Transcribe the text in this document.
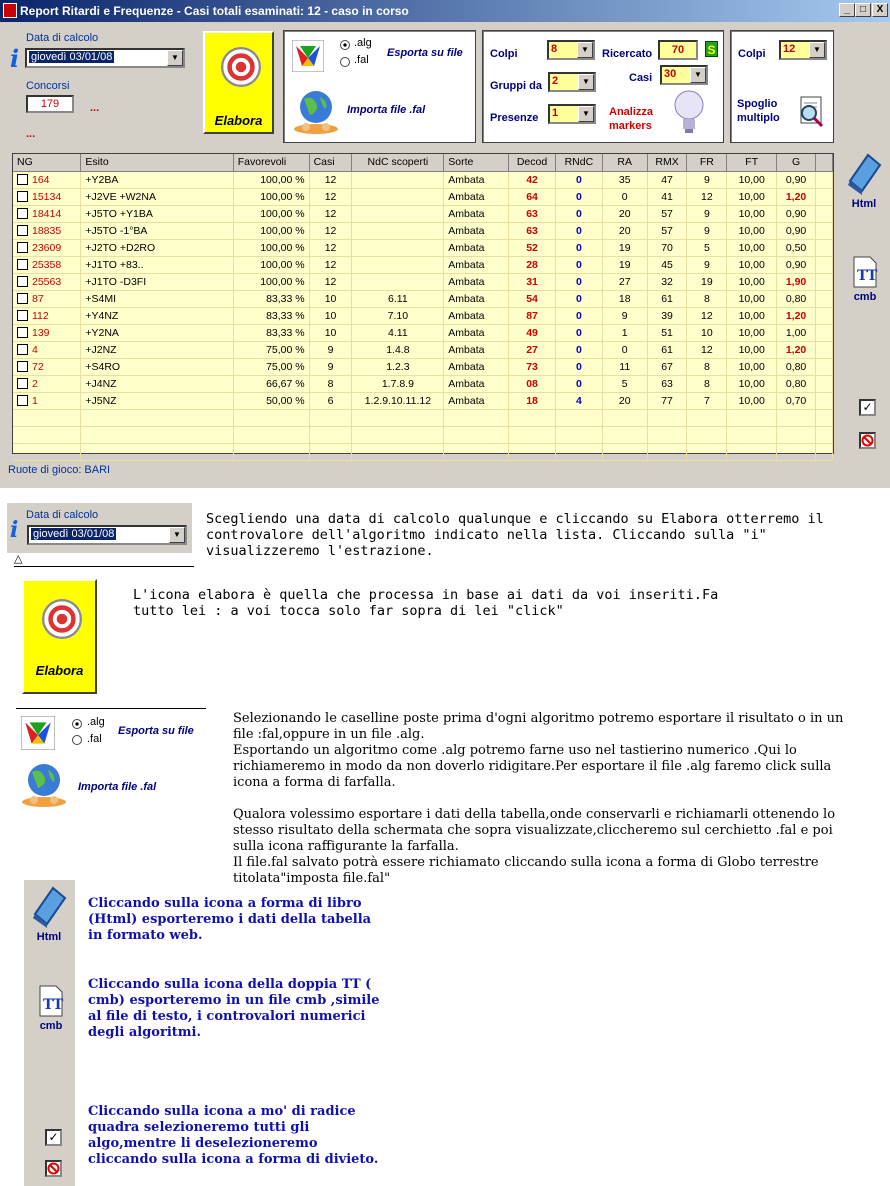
Report Ritardi e Frequenze - Casi totali esaminati: 12 - caso in corso	_	□	X
i
Data di calcolo
giovedì 03/01/08	▼
Concorsi
179	...
...
Elabora
.alg
.fal
Esporta su file
Importa file .fal
Colpi	8	▼
Gruppi da 2	▼
Presenze 1	▼
Ricercato	70	S
Casi 30	▼
Analizza markers
Colpi 12	▼
Spoglio multiplo
NG	Esito	Favorevoli	Casi	NdC scoperti	Sorte	Decod	RNdC	RA	RMX	FR	FT	G	
164	+Y2BA	100,00 %	12		Ambata	42	0	35	47	9	10,00	0,90	
15134	+J2VE +W2NA	100,00 %	12		Ambata	64	0	0	41	12	10,00	1,20	
18414	+J5TO +Y1BA	100,00 %	12		Ambata	63	0	20	57	9	10,00	0,90	
18835	+J5TO -1°BA	100,00 %	12		Ambata	63	0	20	57	9	10,00	0,90	
23609	+J2TO +D2RO	100,00 %	12		Ambata	52	0	19	70	5	10,00	0,50	
25358	+J1TO +83..	100,00 %	12		Ambata	28	0	19	45	9	10,00	0,90	
25563	+J1TO -D3FI	100,00 %	12		Ambata	31	0	27	32	19	10,00	1,90	
87	+S4MI	83,33 %	10	6.11	Ambata	54	0	18	61	8	10,00	0,80	
112	+Y4NZ	83,33 %	10	7.10	Ambata	87	0	9	39	12	10,00	1,20	
139	+Y2NA	83,33 %	10	4.11	Ambata	49	0	1	51	10	10,00	1,00	
4	+J2NZ	75,00 %	9	1.4.8	Ambata	27	0	0	61	12	10,00	1,20	
72	+S4RO	75,00 %	9	1.2.3	Ambata	73	0	11	67	8	10,00	0,80	
2	+J4NZ	66,67 %	8	1.7.8.9	Ambata	08	0	5	63	8	10,00	0,80	
1	+J5NZ	50,00 %	6	1.2.9.10.11.12	Ambata	18	4	20	77	7	10,00	0,70	

Html
TT
cmb
✓
Ruote di gioco: BARI
i
Data di calcolo
giovedì 03/01/08	▼
△
Scegliendo una data di calcolo qualunque e cliccando su Elabora otterremo il controvalore dell'algoritmo indicato nella lista. Cliccando sulla "i" visualizzeremo l'estrazione.
Elabora
L'icona elabora è quella che processa in base ai dati da voi inseriti.Fa tutto lei : a voi tocca solo far sopra di lei "click"
.alg
.fal
Esporta su file
Importa file .fal
Selezionando le caselline poste prima d'ogni algoritmo potremo esportare il risultato o in un file :fal,oppure in un file .alg.
Esportando un algoritmo come .alg potremo farne uso nel tastierino numerico .Qui lo richiameremo in modo da non doverlo ridigitare.Per esportare il file .alg faremo click sulla icona a forma di farfalla.
Qualora volessimo esportare i dati della tabella,onde conservarli e richiamarli ottenendo lo stesso risultato della schermata che sopra visualizzate,cliccheremo sul cerchietto .fal e poi sulla icona raffigurante la farfalla.
Il file.fal salvato potrà essere richiamato cliccando sulla icona a forma di Globo terrestre titolata"imposta file.fal"
Html
Cliccando sulla icona a forma di libro (Html) esporteremo i dati della tabella in formato web.
TT
cmb
Cliccando sulla icona della doppia TT ( cmb) esporteremo in un file cmb ,simile al file di testo, i controvalori numerici degli algoritmi.
✓
Cliccando sulla icona a mo' di radice quadra selezioneremo tutti gli algo,mentre li deselezioneremo cliccando sulla icona a forma di divieto.
